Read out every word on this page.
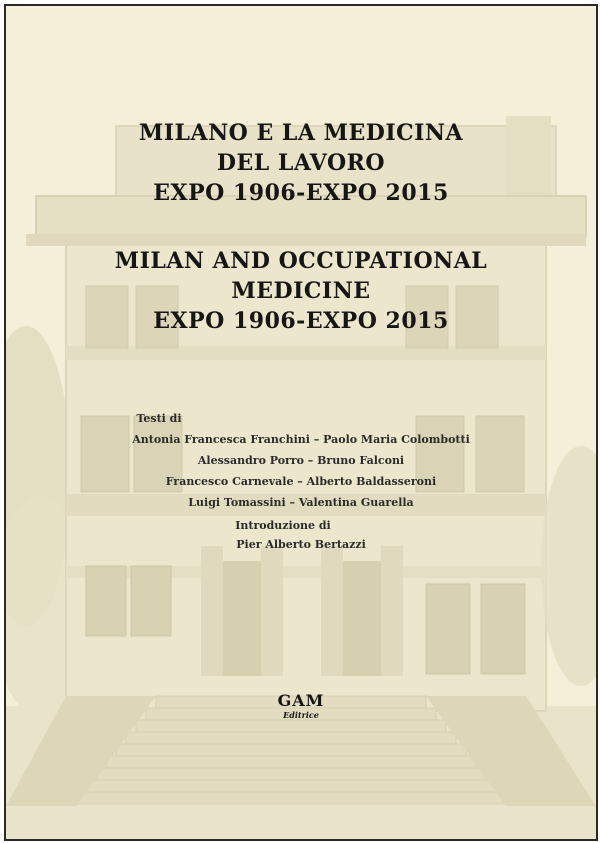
MILANO E LA MEDICINA
DEL LAVORO
EXPO 1906-EXPO 2015
MILAN AND OCCUPATIONAL
MEDICINE
EXPO 1906-EXPO 2015
Testi di
Antonia Francesca Franchini – Paolo Maria Colombotti
Alessandro Porro – Bruno Falconi
Francesco Carnevale – Alberto Baldasseroni
Luigi Tomassini – Valentina Guarella
Introduzione di
Pier Alberto Bertazzi
GAM
Editrice
